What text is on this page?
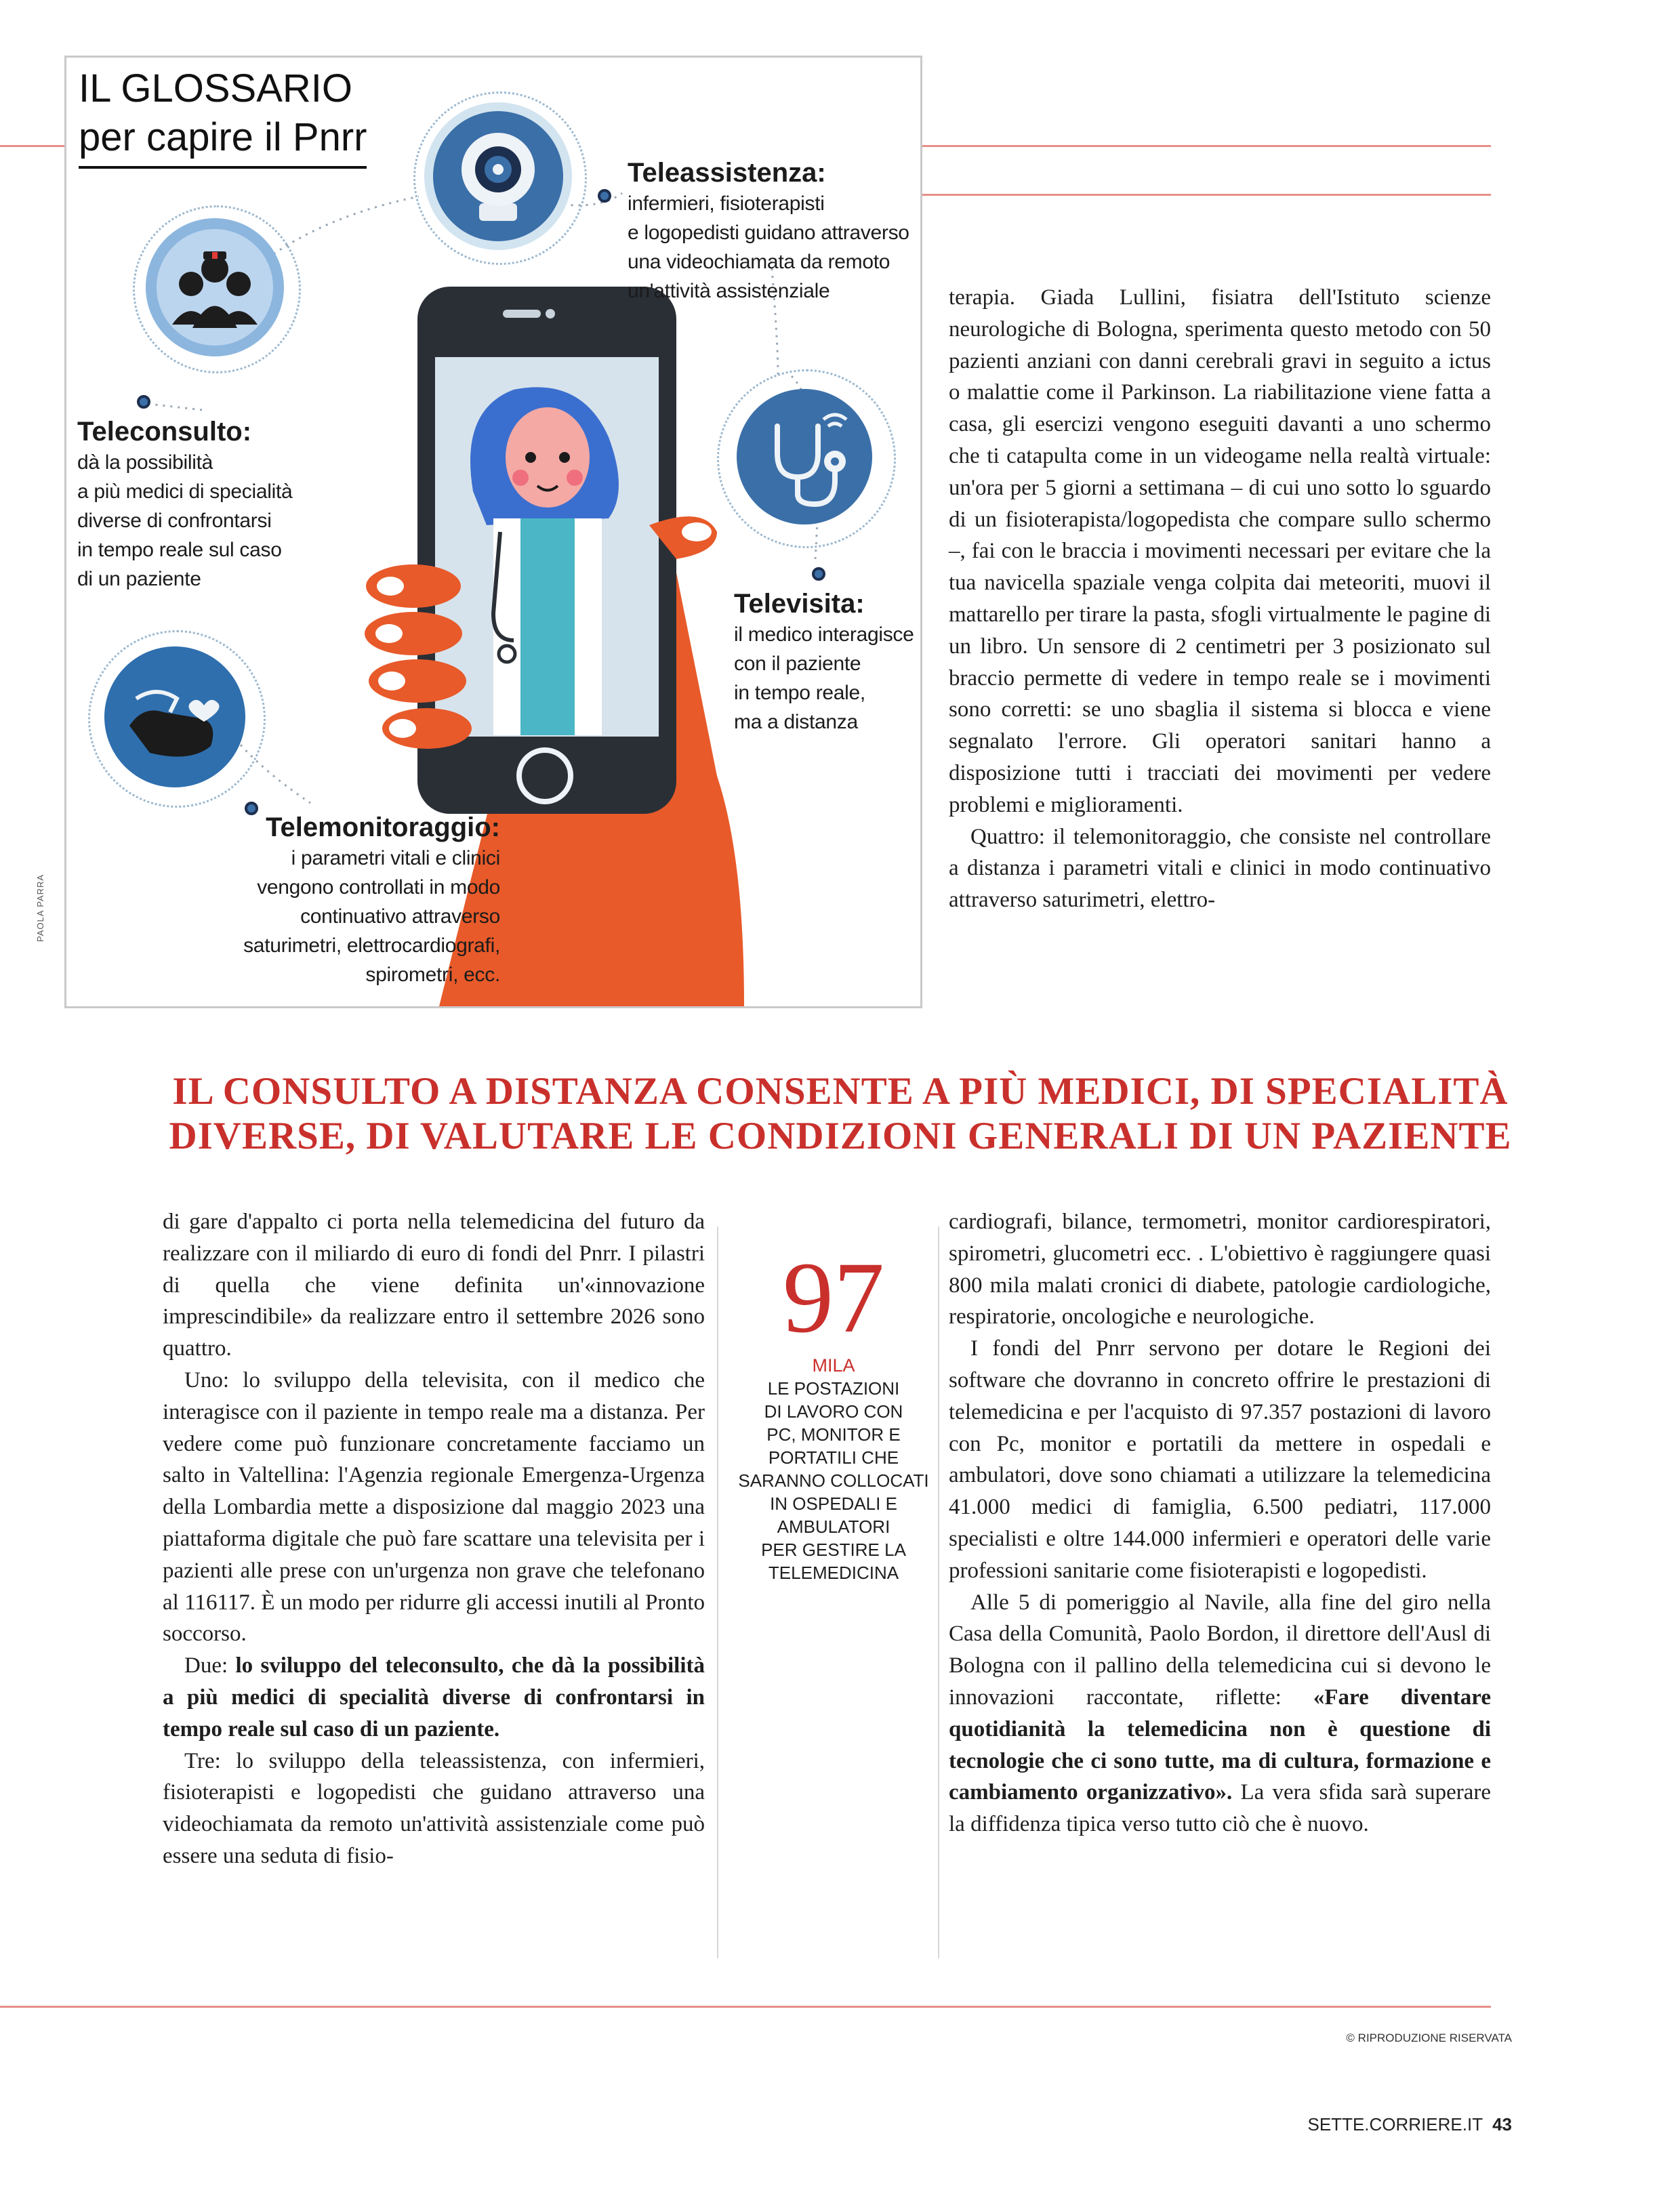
IL GLOSSARIO
per capire il Pnrr
Teleassistenza:
infermieri, fisioterapisti
e logopedisti guidano attraverso
una videochiamata da remoto
un'attività assistenziale
Teleconsulto:
dà la possibilità
a più medici di specialità
diverse di confrontarsi
in tempo reale sul caso
di un paziente
Televisita:
il medico interagisce
con il paziente
in tempo reale,
ma a distanza
Telemonitoraggio:
i parametri vitali e clinici
vengono controllati in modo
continuativo attraverso
saturimetri, elettrocardiografi,
spirometri, ecc.
PAOLA PARRA

terapia. Giada Lullini, fisiatra dell'Istituto scienze neurologiche di Bologna, sperimenta questo metodo con 50 pazienti anziani con danni cerebrali gravi in seguito a ictus o malattie come il Parkinson. La riabilitazione viene fatta a casa, gli esercizi vengono eseguiti davanti a uno schermo che ti catapulta come in un videogame nella realtà virtuale: un'ora per 5 giorni a settimana – di cui uno sotto lo sguardo di un fisioterapista/logopedista che compare sullo schermo –, fai con le braccia i movimenti necessari per evitare che la tua navicella spaziale venga colpita dai meteoriti, muovi il mattarello per tirare la pasta, sfogli virtualmente le pagine di un libro. Un sensore di 2 centimetri per 3 posizionato sul braccio permette di vedere in tempo reale se i movimenti sono corretti: se uno sbaglia il sistema si blocca e viene segnalato l'errore. Gli operatori sanitari hanno a disposizione tutti i tracciati dei movimenti per vedere problemi e miglioramenti.

Quattro: il telemonitoraggio, che consiste nel controllare a distanza i parametri vitali e clinici in modo continuativo attraverso saturimetri, elettro-

IL CONSULTO A DISTANZA CONSENTE A PIÙ MEDICI, DI SPECIALITÀ
DIVERSE, DI VALUTARE LE CONDIZIONI GENERALI DI UN PAZIENTE

di gare d'appalto ci porta nella telemedicina del futuro da realizzare con il miliardo di euro di fondi del Pnrr. I pilastri di quella che viene definita un'«innovazione imprescindibile» da realizzare entro il settembre 2026 sono quattro.

Uno: lo sviluppo della televisita, con il medico che interagisce con il paziente in tempo reale ma a distanza. Per vedere come può funzionare concretamente facciamo un salto in Valtellina: l'Agenzia regionale Emergenza-Urgenza della Lombardia mette a disposizione dal maggio 2023 una piattaforma digitale che può fare scattare una televisita per i pazienti alle prese con un'urgenza non grave che telefonano al 116117. È un modo per ridurre gli accessi inutili al Pronto soccorso.

Due: lo sviluppo del teleconsulto, che dà la possibilità a più medici di specialità diverse di confrontarsi in tempo reale sul caso di un paziente.

Tre: lo sviluppo della teleassistenza, con infermieri, fisioterapisti e logopedisti che guidano attraverso una videochiamata da remoto un'attività assistenziale come può essere una seduta di fisio-

97
MILA
LE POSTAZIONI
DI LAVORO CON
PC, MONITOR E
PORTATILI CHE
SARANNO COLLOCATI
IN OSPEDALI E
AMBULATORI
PER GESTIRE LA
TELEMEDICINA

cardiografi, bilance, termometri, monitor cardiorespiratori, spirometri, glucometri ecc. . L'obiettivo è raggiungere quasi 800 mila malati cronici di diabete, patologie cardiologiche, respiratorie, oncologiche e neurologiche.

I fondi del Pnrr servono per dotare le Regioni dei software che dovranno in concreto offrire le prestazioni di telemedicina e per l'acquisto di 97.357 postazioni di lavoro con Pc, monitor e portatili da mettere in ospedali e ambulatori, dove sono chiamati a utilizzare la telemedicina 41.000 medici di famiglia, 6.500 pediatri, 117.000 specialisti e oltre 144.000 infermieri e operatori delle varie professioni sanitarie come fisioterapisti e logopedisti.

Alle 5 di pomeriggio al Navile, alla fine del giro nella Casa della Comunità, Paolo Bordon, il direttore dell'Ausl di Bologna con il pallino della telemedicina cui si devono le innovazioni raccontate, riflette: «Fare diventare quotidianità la telemedicina non è questione di tecnologie che ci sono tutte, ma di cultura, formazione e cambiamento organizzativo». La vera sfida sarà superare la diffidenza tipica verso tutto ciò che è nuovo.

© RIPRODUZIONE RISERVATA
SETTE.CORRIERE.IT 43
